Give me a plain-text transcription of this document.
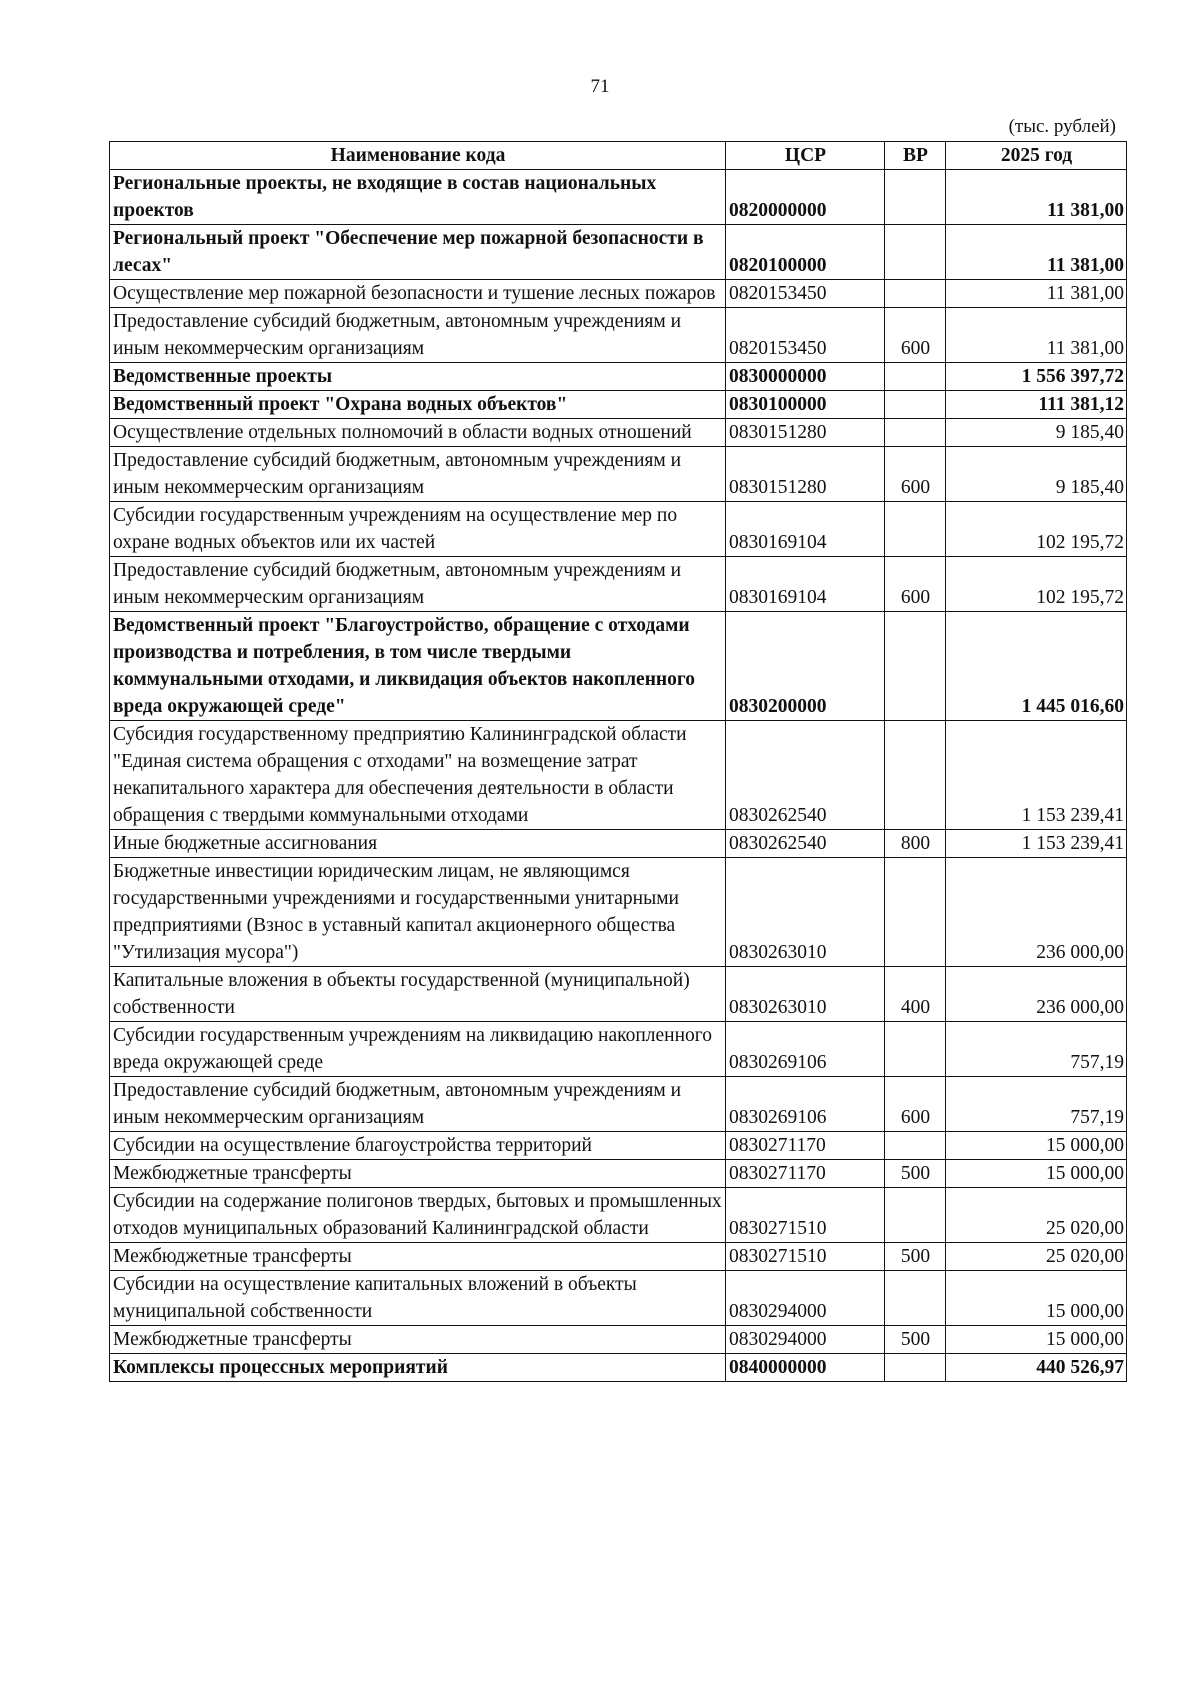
71
(тыс. рублей)
Наименование кода	ЦСР	ВР	2025 год
Региональные проекты, не входящие в состав национальных проектов	0820000000		11 381,00
Региональный проект "Обеспечение мер пожарной безопасности в лесах"	0820100000		11 381,00
Осуществление мер пожарной безопасности и тушение лесных пожаров	0820153450		11 381,00
Предоставление субсидий бюджетным, автономным учреждениям и иным некоммерческим организациям	0820153450	600	11 381,00
Ведомственные проекты	0830000000		1 556 397,72
Ведомственный проект "Охрана водных объектов"	0830100000		111 381,12
Осуществление отдельных полномочий в области водных отношений	0830151280		9 185,40
Предоставление субсидий бюджетным, автономным учреждениям и иным некоммерческим организациям	0830151280	600	9 185,40
Субсидии государственным учреждениям на осуществление мер по охране водных объектов или их частей	0830169104		102 195,72
Предоставление субсидий бюджетным, автономным учреждениям и иным некоммерческим организациям	0830169104	600	102 195,72
Ведомственный проект "Благоустройство, обращение с отходами производства и потребления, в том числе твердыми коммунальными отходами, и ликвидация объектов накопленного вреда окружающей среде"	0830200000		1 445 016,60
Субсидия государственному предприятию Калининградской области "Единая система обращения с отходами" на возмещение затрат некапитального характера для обеспечения деятельности в области обращения с твердыми коммунальными отходами	0830262540		1 153 239,41
Иные бюджетные ассигнования	0830262540	800	1 153 239,41
Бюджетные инвестиции юридическим лицам, не являющимся государственными учреждениями и государственными унитарными предприятиями (Взнос в уставный капитал акционерного общества "Утилизация мусора")	0830263010		236 000,00
Капитальные вложения в объекты государственной (муниципальной) собственности	0830263010	400	236 000,00
Субсидии государственным учреждениям на ликвидацию накопленного вреда окружающей среде	0830269106		757,19
Предоставление субсидий бюджетным, автономным учреждениям и иным некоммерческим организациям	0830269106	600	757,19
Субсидии на осуществление благоустройства территорий	0830271170		15 000,00
Межбюджетные трансферты	0830271170	500	15 000,00
Субсидии на содержание полигонов твердых, бытовых и промышленных отходов муниципальных образований Калининградской области	0830271510		25 020,00
Межбюджетные трансферты	0830271510	500	25 020,00
Субсидии на осуществление капитальных вложений в объекты муниципальной собственности	0830294000		15 000,00
Межбюджетные трансферты	0830294000	500	15 000,00
Комплексы процессных мероприятий	0840000000		440 526,97
